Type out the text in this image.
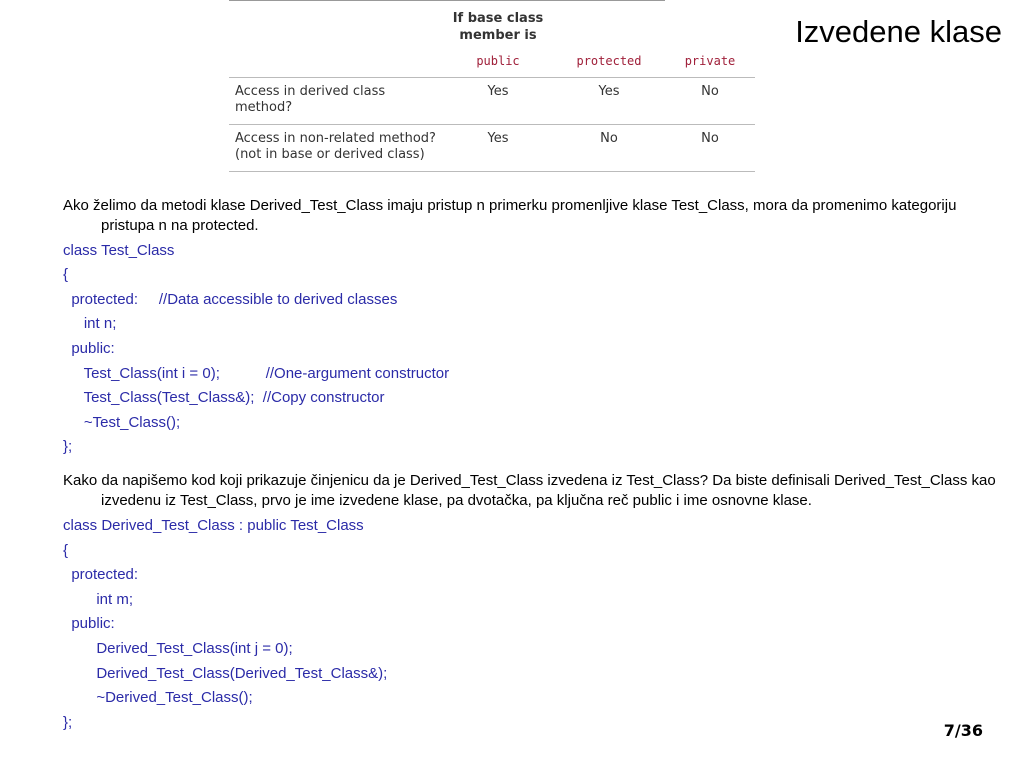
Izvedene klase

	If base class member is		
	public	protected	private
Access in derived class method?	Yes	Yes	No
Access in non-related method? (not in base or derived class)	Yes	No	No

Ako želimo da metodi klase Derived_Test_Class imaju pristup n primerku promenljive klase Test_Class, mora da promenimo kategoriju pristupa n na protected.

class Test_Class
{
protected:     //Data accessible to derived classes
int n;
public:
Test_Class(int i = 0);           //One-argument constructor
Test_Class(Test_Class&);  //Copy constructor
~Test_Class();
};

Kako da napišemo kod koji prikazuje činjenicu da je Derived_Test_Class izvedena iz Test_Class? Da biste definisali Derived_Test_Class kao izvedenu iz Test_Class, prvo je ime izvedene klase, pa dvotačka, pa ključna reč public i ime osnovne klase.

class Derived_Test_Class : public Test_Class
{
protected:
int m;
public:
Derived_Test_Class(int j = 0);
Derived_Test_Class(Derived_Test_Class&);
~Derived_Test_Class();
};	7/36
